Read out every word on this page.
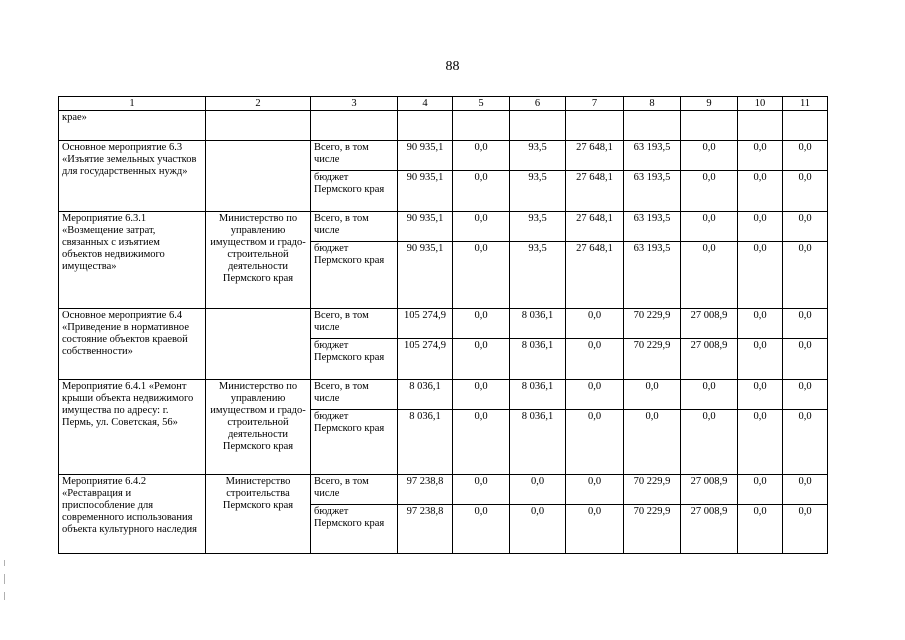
88
1	2	3	4	5	6	7	8	9	10	11
крае»										
Основное мероприятие 6.3 «Изъятие земельных участков для государственных нужд»		Всего, в том числе	90 935,1	0,0	93,5	27 648,1	63 193,5	0,0	0,0	0,0
		бюджет Пермского края	90 935,1	0,0	93,5	27 648,1	63 193,5	0,0	0,0	0,0
Мероприятие 6.3.1 «Возмещение затрат, связанных с изъятием объектов недвижимого имущества»	Министерство по управлению имуществом и градо-строительной деятельности Пермского края	Всего, в том числе	90 935,1	0,0	93,5	27 648,1	63 193,5	0,0	0,0	0,0
		бюджет Пермского края	90 935,1	0,0	93,5	27 648,1	63 193,5	0,0	0,0	0,0
Основное мероприятие 6.4 «Приведение в нормативное состояние объектов краевой собственности»		Всего, в том числе	105 274,9	0,0	8 036,1	0,0	70 229,9	27 008,9	0,0	0,0
		бюджет Пермского края	105 274,9	0,0	8 036,1	0,0	70 229,9	27 008,9	0,0	0,0
Мероприятие 6.4.1 «Ремонт крыши объекта недвижимого имущества по адресу: г. Пермь, ул. Советская, 56»	Министерство по управлению имуществом и градо-строительной деятельности Пермского края	Всего, в том числе	8 036,1	0,0	8 036,1	0,0	0,0	0,0	0,0	0,0
		бюджет Пермского края	8 036,1	0,0	8 036,1	0,0	0,0	0,0	0,0	0,0
Мероприятие 6.4.2 «Реставрация и приспособление для современного использования объекта культурного наследия	Министерство строительства Пермского края	Всего, в том числе	97 238,8	0,0	0,0	0,0	70 229,9	27 008,9	0,0	0,0
		бюджет Пермского края	97 238,8	0,0	0,0	0,0	70 229,9	27 008,9	0,0	0,0
